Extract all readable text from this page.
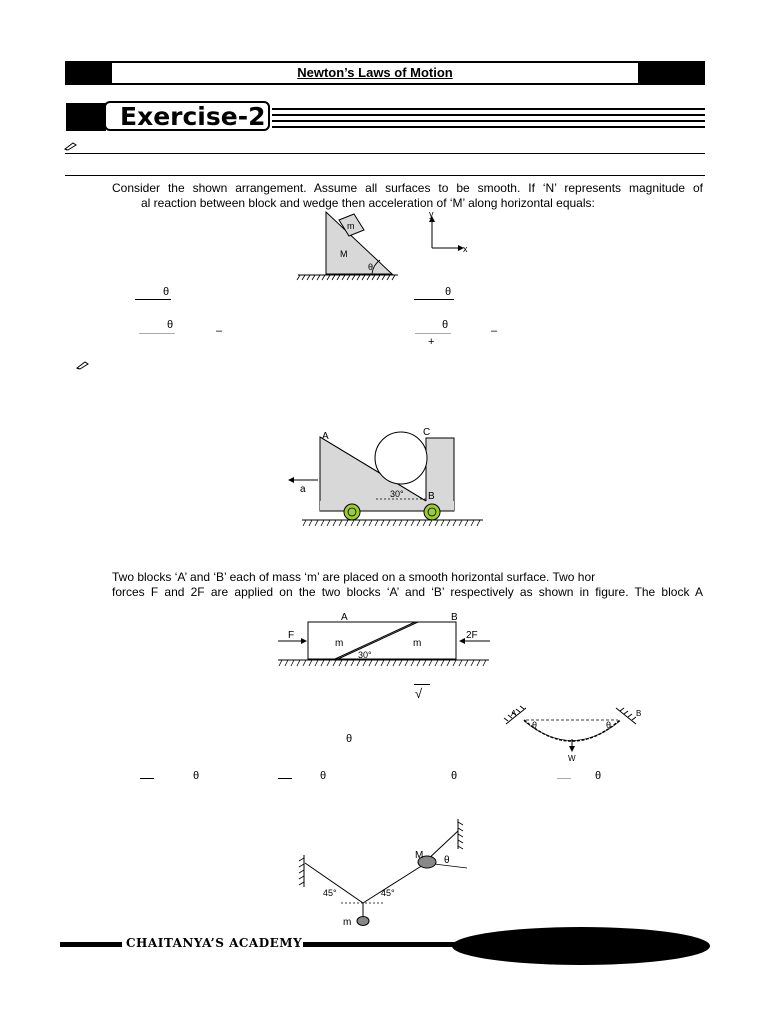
Newton’s Laws of Motion
Exercise-2
Consider the shown arrangement. Assume all surfaces to be smooth. If ‘N’ represents magnitude of
al reaction between block and wedge then acceleration of ‘M’ along horizontal equals:
m
M
θ
y
x
θ	θ
θ	–	θ
+
–
a
A	C
B
30°
Two blocks ‘A’ and ‘B’ each of mass ‘m’ are placed on a smooth horizontal surface. Two hor
forces F and 2F are applied on the two blocks ‘A’ and ‘B’ respectively as shown in figure. The block A
A	B
F	2F
m	m
30°
√
θ
A	B
θ	θ
W
θ	θ	θ	θ
M
m
θ
45°	45°
CHAITANYA’S ACADEMY
